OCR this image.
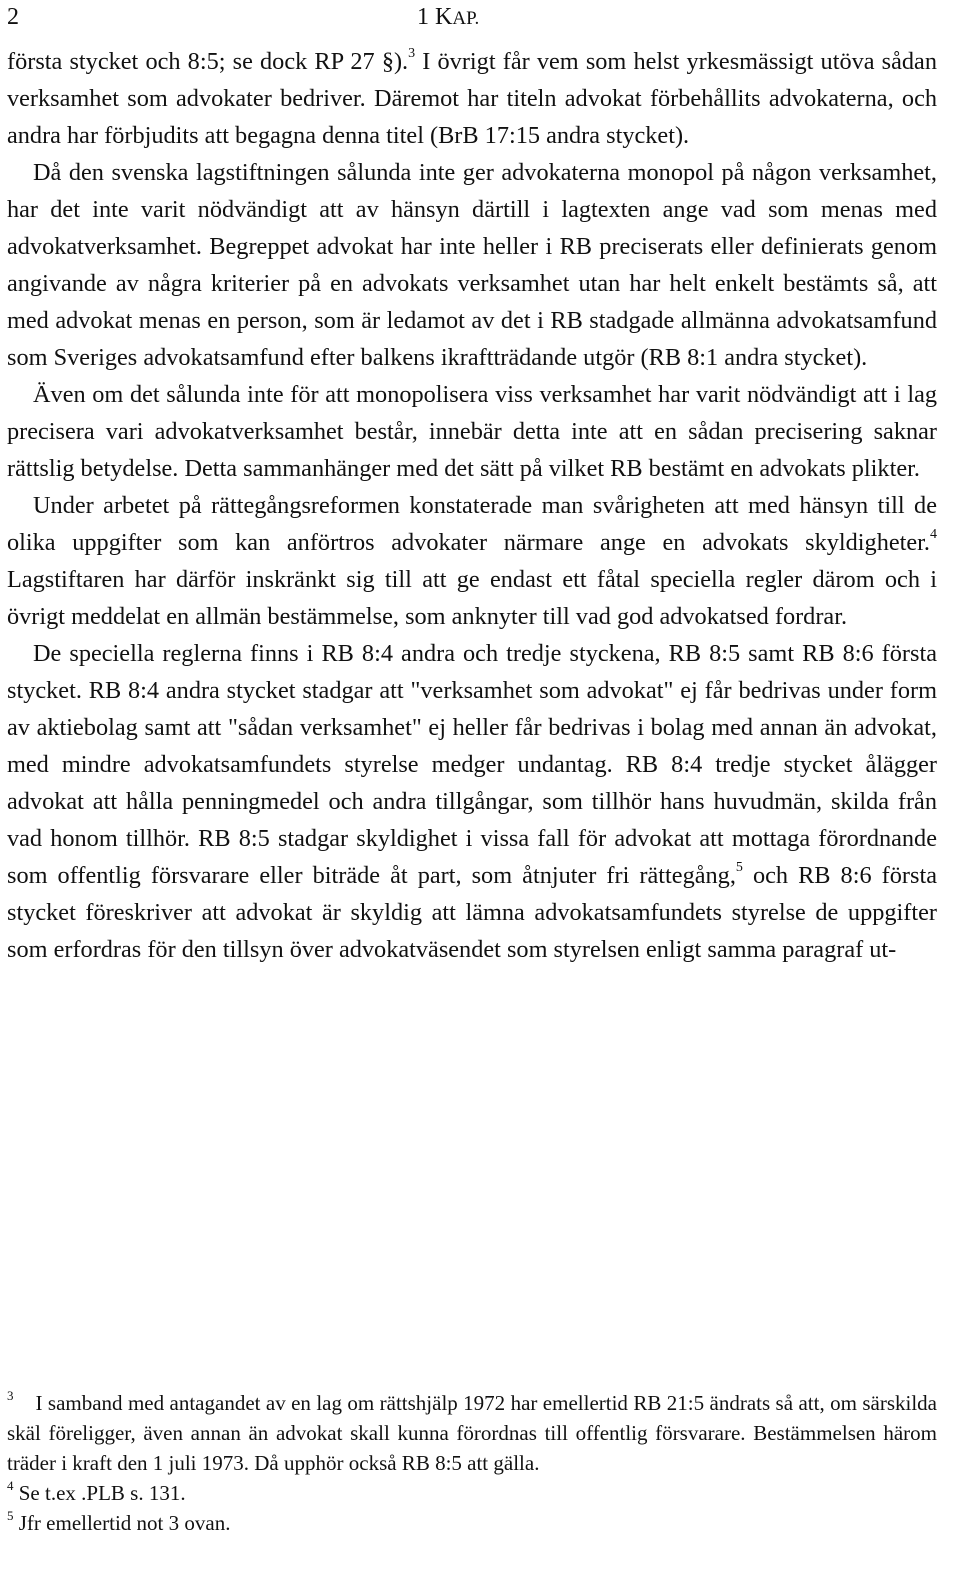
2	1 KAP.

första stycket och 8:5; se dock RP 27 §).$^3$ I övrigt får vem som helst yrkesmässigt utöva sådan verksamhet som advokater bedriver. Däremot har titeln advokat förbehållits advokaterna, och andra har förbjudits att begagna denna titel (BrB 17:15 andra stycket).

Då den svenska lagstiftningen sålunda inte ger advokaterna monopol på någon verksamhet, har det inte varit nödvändigt att av hänsyn därtill i lagtexten ange vad som menas med advokatverksamhet. Begreppet advokat har inte heller i RB preciserats eller definierats genom angivande av några kriterier på en advokats verksamhet utan har helt enkelt bestämts så, att med advokat menas en person, som är ledamot av det i RB stadgade allmänna advokatsamfund som Sveriges advokatsamfund efter balkens ikraftträdande utgör (RB 8:1 andra stycket).

Även om det sålunda inte för att monopolisera viss verksamhet har varit nödvändigt att i lag precisera vari advokatverksamhet består, innebär detta inte att en sådan precisering saknar rättslig betydelse. Detta sammanhänger med det sätt på vilket RB bestämt en advokats plikter.

Under arbetet på rättegångsreformen konstaterade man svårigheten att med hänsyn till de olika uppgifter som kan anförtros advokater närmare ange en advokats skyldigheter.$^4$ Lagstiftaren har därför inskränkt sig till att ge endast ett fåtal speciella regler därom och i övrigt meddelat en allmän bestämmelse, som anknyter till vad god advokatsed fordrar.

De speciella reglerna finns i RB 8:4 andra och tredje styckena, RB 8:5 samt RB 8:6 första stycket. RB 8:4 andra stycket stadgar att "verksamhet som advokat" ej får bedrivas under form av aktiebolag samt att "sådan verksamhet" ej heller får bedrivas i bolag med annan än advokat, med mindre advokatsamfundets styrelse medger undantag. RB 8:4 tredje stycket ålägger advokat att hålla penningmedel och andra tillgångar, som tillhör hans huvudmän, skilda från vad honom tillhör. RB 8:5 stadgar skyldighet i vissa fall för advokat att mottaga förordnande som offentlig försvarare eller biträde åt part, som åtnjuter fri rättegång,$^5$ och RB 8:6 första stycket föreskriver att advokat är skyldig att lämna advokatsamfundets styrelse de uppgifter som erfordras för den tillsyn över advokatväsendet som styrelsen enligt samma paragraf ut-

$^3$ I samband med antagandet av en lag om rättshjälp 1972 har emellertid RB 21:5 ändrats så att, om särskilda skäl föreligger, även annan än advokat skall kunna förordnas till offentlig försvarare. Bestämmelsen härom träder i kraft den 1 juli 1973. Då upphör också RB 8:5 att gälla.

$^4$ Se t.ex .PLB s. 131.

$^5$ Jfr emellertid not 3 ovan.
